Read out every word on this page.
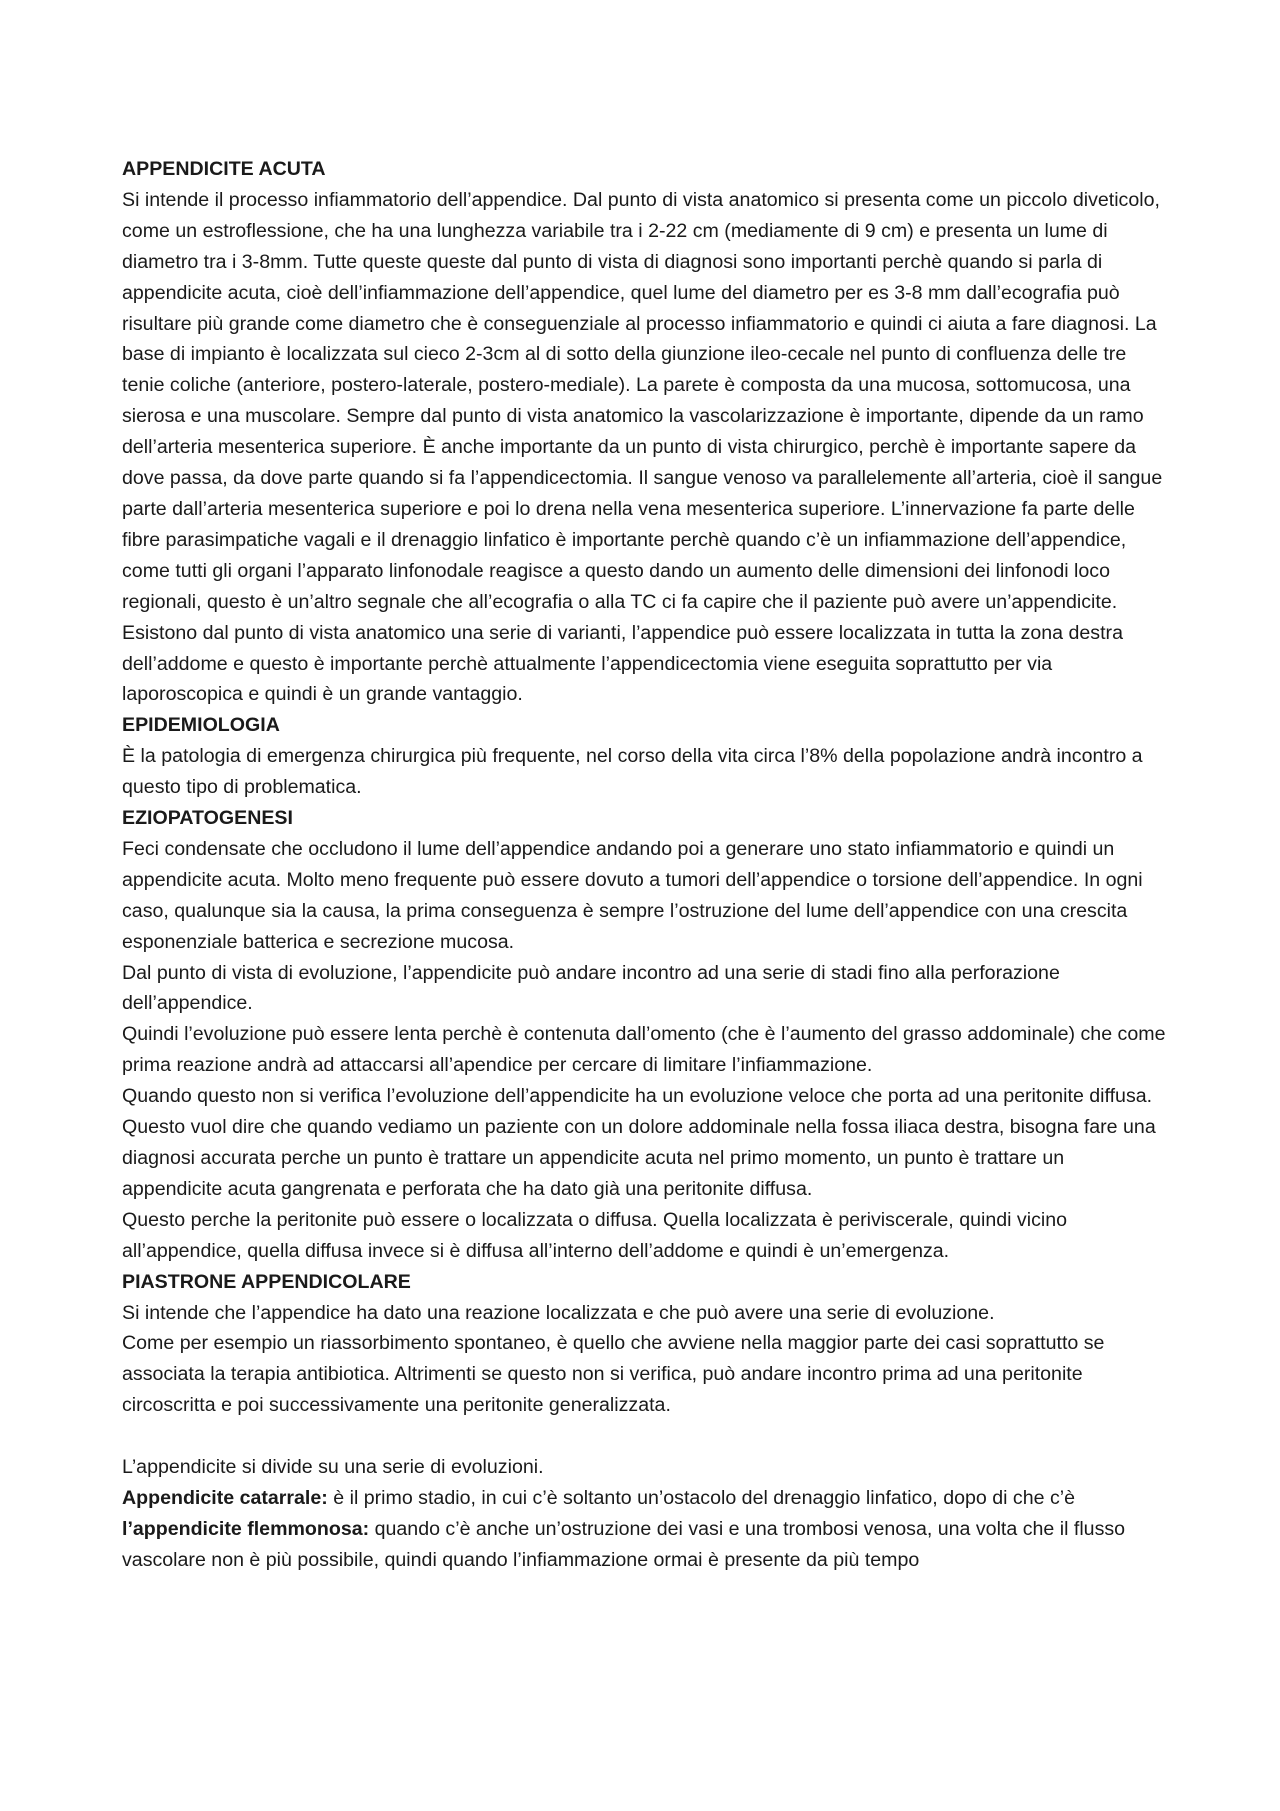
APPENDICITE ACUTA

Si intende il processo infiammatorio dell’appendice. Dal punto di vista anatomico si presenta come un piccolo diveticolo, come un estroflessione, che ha una lunghezza variabile tra i 2-22 cm (mediamente di 9 cm) e presenta un lume di diametro tra i 3-8mm. Tutte queste queste dal punto di vista di diagnosi sono importanti perchè quando si parla di appendicite acuta, cioè dell’infiammazione dell’appendice, quel lume del diametro per es 3-8 mm dall’ecografia può risultare più grande come diametro che è conseguenziale al processo infiammatorio e quindi ci aiuta a fare diagnosi. La base di impianto è localizzata sul cieco 2-3cm al di sotto della giunzione ileo-cecale nel punto di confluenza delle tre tenie coliche (anteriore, postero-laterale, postero-mediale). La parete è composta da una mucosa, sottomucosa, una sierosa e una muscolare. Sempre dal punto di vista anatomico la vascolarizzazione è importante, dipende da un ramo dell’arteria mesenterica superiore. È anche importante da un punto di vista chirurgico, perchè è importante sapere da dove passa, da dove parte quando si fa l’appendicectomia. Il sangue venoso va parallelemente all’arteria, cioè il sangue parte dall’arteria mesenterica superiore e poi lo drena nella vena mesenterica superiore. L’innervazione fa parte delle fibre parasimpatiche vagali e il drenaggio linfatico è importante perchè quando c’è un infiammazione dell’appendice, come tutti gli organi l’apparato linfonodale reagisce a questo dando un aumento delle dimensioni dei linfonodi loco regionali, questo è un’altro segnale che all’ecografia o alla TC ci fa capire che il paziente può avere un’appendicite.

Esistono dal punto di vista anatomico una serie di varianti, l’appendice può essere localizzata in tutta la zona destra dell’addome e questo è importante perchè attualmente l’appendicectomia viene eseguita soprattutto per via laporoscopica e quindi è un grande vantaggio.

EPIDEMIOLOGIA

È la patologia di emergenza chirurgica più frequente, nel corso della vita circa l’8% della popolazione andrà incontro a questo tipo di problematica.

EZIOPATOGENESI

Feci condensate che occludono il lume dell’appendice andando poi a generare uno stato infiammatorio e quindi un appendicite acuta. Molto meno frequente può essere dovuto a tumori dell’appendice o torsione dell’appendice. In ogni caso, qualunque sia la causa, la prima conseguenza è sempre l’ostruzione del lume dell’appendice con una crescita esponenziale batterica e secrezione mucosa.

Dal punto di vista di evoluzione, l’appendicite può andare incontro ad una serie di stadi fino alla perforazione dell’appendice.

Quindi l’evoluzione può essere lenta perchè è contenuta dall’omento (che è l’aumento del grasso addominale) che come prima reazione andrà ad attaccarsi all’apendice per cercare di limitare l’infiammazione.

Quando questo non si verifica l’evoluzione dell’appendicite ha un evoluzione veloce che porta ad una peritonite diffusa. Questo vuol dire che quando vediamo un paziente con un dolore addominale nella fossa iliaca destra, bisogna fare una diagnosi accurata perche un punto è trattare un appendicite acuta nel primo momento, un punto è trattare un appendicite acuta gangrenata e perforata che ha dato già una peritonite diffusa.

Questo perche la peritonite può essere o localizzata o diffusa. Quella localizzata è periviscerale, quindi vicino all’appendice, quella diffusa invece si è diffusa all’interno dell’addome e quindi è un’emergenza.

PIASTRONE APPENDICOLARE

Si intende che l’appendice ha dato una reazione localizzata e che può avere una serie di evoluzione.

Come per esempio un riassorbimento spontaneo, è quello che avviene nella maggior parte dei casi soprattutto se associata la terapia antibiotica. Altrimenti se questo non si verifica, può andare incontro prima ad una peritonite circoscritta e poi successivamente una peritonite generalizzata.

L’appendicite si divide su una serie di evoluzioni.

Appendicite catarrale: è il primo stadio, in cui c’è soltanto un’ostacolo del drenaggio linfatico, dopo di che c’è l’appendicite flemmonosa: quando c’è anche un’ostruzione dei vasi e una trombosi venosa, una volta che il flusso vascolare non è più possibile, quindi quando l’infiammazione ormai è presente da più tempo
